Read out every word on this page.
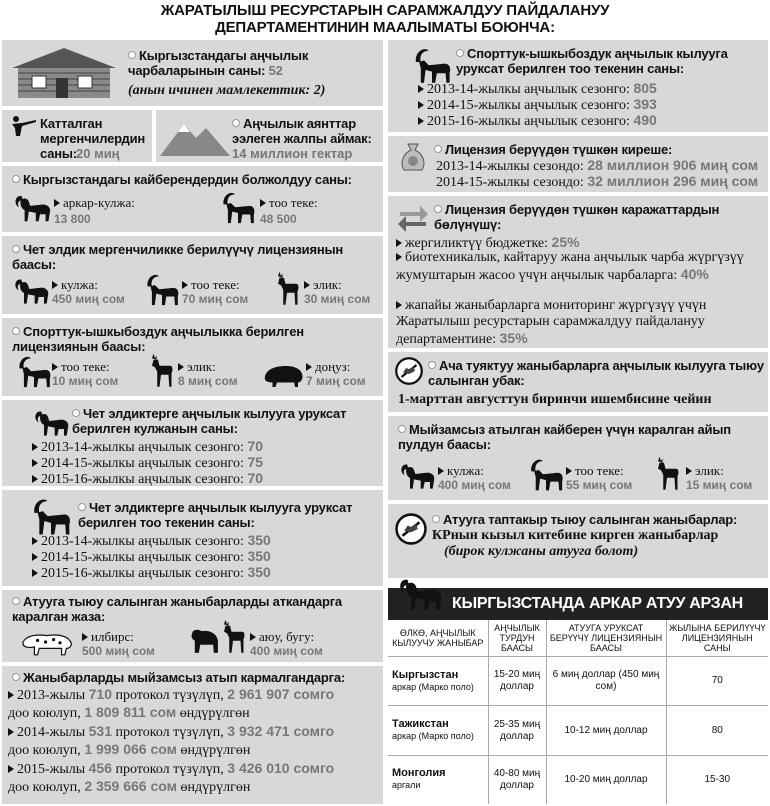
ЖАРАТЫЛЫШ РЕСУРСТАРЫН САРАМЖАЛДУУ ПАЙДАЛАНУУ
ДЕПАРТАМЕНТИНИН МААЛЫМАТЫ БОЮНЧА:
Кыргызстандагы аңчылык чарбаларынын саны: 52
(анын ичинен мамлекеттик: 2)
Катталган мергенчилердин саны: 20 миң
Аңчылык аянттар ээлеген жалпы аймак:
14 миллион гектар
Кыргызстандагы кайберендердин болжолдуу саны:
аркар-кулжа:
13 800
тоо теке:
48 500
Чет элдик мергенчиликке берилүүчү лицензиянын баасы:
кулжа:
450 миң сом
тоо теке:
70 миң сом
элик:
30 миң сом
Спорттук-ышкыбоздук аңчылыкка берилген лицензиянын баасы:
тоо теке:
10 миң сом
элик:
8 миң сом
доңуз:
7 миң сом
Чет элдиктерге аңчылык кылууга уруксат берилген кулжанын саны:
2013-14-жылкы аңчылык сезонго: 70
2014-15-жылкы аңчылык сезонго: 75
2015-16-жылкы аңчылык сезонго: 70
Чет элдиктерге аңчылык кылууга уруксат берилген тоо текенин саны:
2013-14-жылкы аңчылык сезонго: 350
2014-15-жылкы аңчылык сезонго: 350
2015-16-жылкы аңчылык сезонго: 350
Атууга тыюу салынган жаныбарларды аткандарга каралган жаза:
илбирс:
500 миң сом
аюу, бугу:
400 миң сом
Жаныбарларды мыйзамсыз атып кармалгандарга:
2013-жылы 710 протокол түзүлүп, 2 961 907 сомго
доо коюлуп, 1 809 811 сом өндүрүлгөн
2014-жылы 531 протокол түзүлүп, 3 932 471 сомго
доо коюлуп, 1 999 066 сом өндүрүлгөн
2015-жылы 456 протокол түзүлүп, 3 426 010 сомго
доо коюлуп, 2 359 666 сом өндүрүлгөн
Спорттук-ышкыбоздук аңчылык кылууга уруксат берилген тоо текенин саны:
2013-14-жылкы аңчылык сезонго: 805
2014-15-жылкы аңчылык сезонго: 393
2015-16-жылкы аңчылык сезонго: 490
Лицензия берүүдөн түшкөн киреше:
2013-14-жылкы сезондо: 28 миллион 906 миң сом
2014-15-жылкы сезондо: 32 миллион 296 миң сом
Лицензия берүүдөн түшкөн каражаттардын бөлүнүшү:
жергиликтүү бюджетке: 25%
биотехникалык, кайтаруу жана аңчылык чарба жүргүзүү жумуштарын жасоо үчүн аңчылык чарбаларга: 40%
жапайы жаныбарларга мониторинг жүргүзүү үчүн Жаратылыш ресурстарын сарамжалдуу пайдалануу департаментине: 35%
Ача туяктуу жаныбарларга аңчылык кылууга тыюу салынган убак:
1-марттан августтун биринчи ишембисине чейин
Мыйзамсыз атылган кайберен үчүн каралган айып пулдун баасы:
кулжа:
400 миң сом
тоо теке:
55 миң сом
элик:
15 миң сом
Атууга таптакыр тыюу салынган жаныбарлар:
КРнын кызыл китебине кирген жаныбарлар
(бирок кулжаны атууга болот)
КЫРГЫЗСТАНДА АРКАР АТУУ АРЗАН
ӨЛКӨ, АҢЧЫЛЫК КЫЛУУЧУ ЖАНЫБАР	АҢЧЫЛЫК ТУРДУН БААСЫ	АТУУГА УРУКСАТ БЕРҮҮЧҮ ЛИЦЕНЗИЯНЫН БААСЫ	ЖЫЛЫНА БЕРИЛҮҮЧҮ ЛИЦЕНЗИЯНЫН САНЫ

Кыргызстан
аркар (Марко поло)	15-20 миң доллар	6 миң доллар (450 миң сом)	70

Тажикстан
аркар (Марко поло)	25-35 миң доллар	10-12 миң доллар	80

Монголия
аргали	40-80 миң доллар	10-20 миң доллар	15-30
